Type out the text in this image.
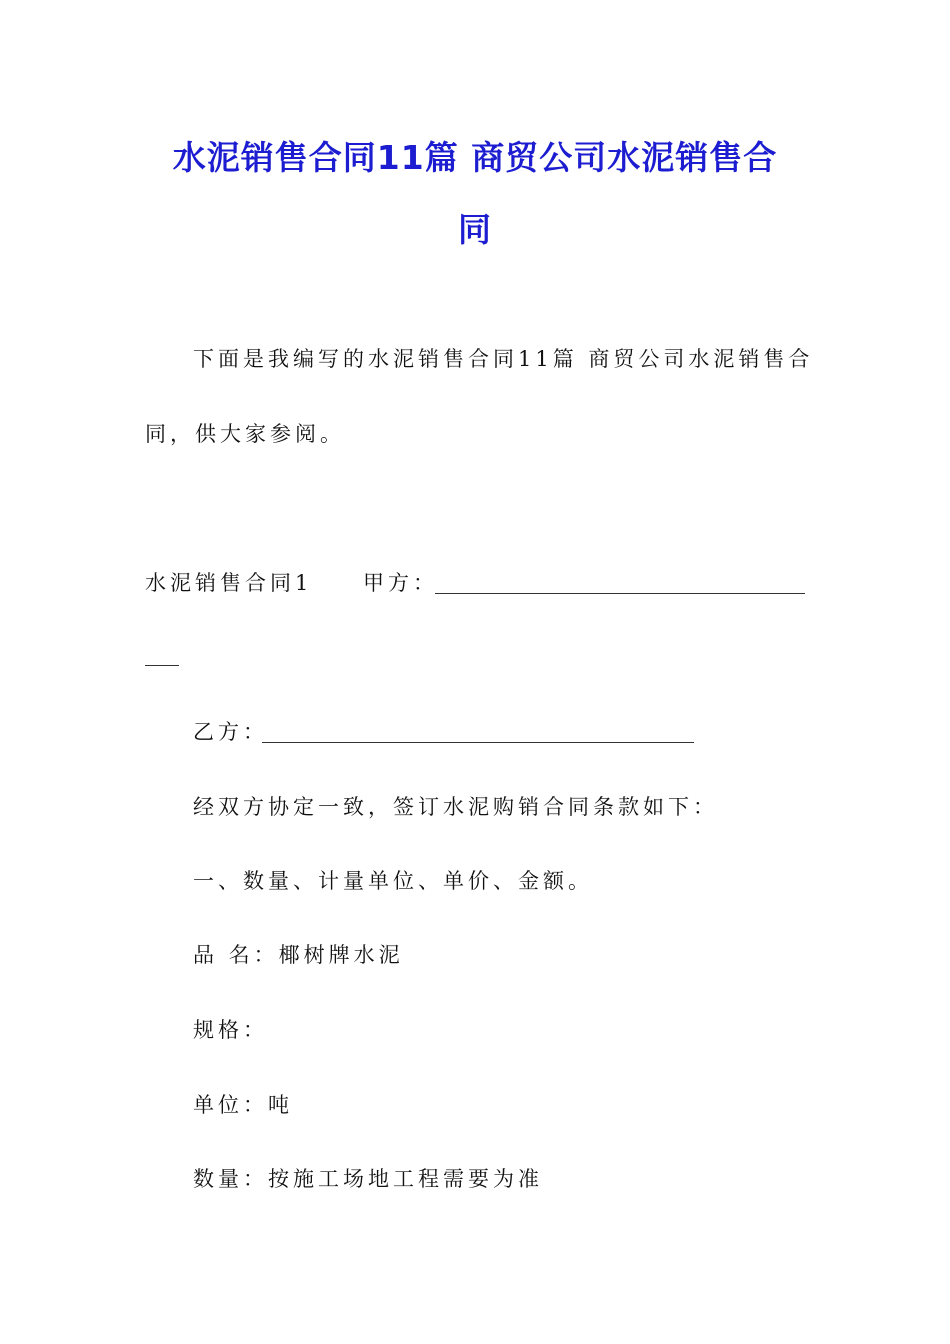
水泥销售合同11篇 商贸公司水泥销售合
同
下面是我编写的水泥销售合同11篇 商贸公司水泥销售合
同，供大家参阅。
水泥销售合同1 甲方：
乙方：
经双方协定一致，签订水泥购销合同条款如下：
一、数量、计量单位、单价、金额。
品 名：椰树牌水泥
规格：
单位：吨
数量：按施工场地工程需要为准
